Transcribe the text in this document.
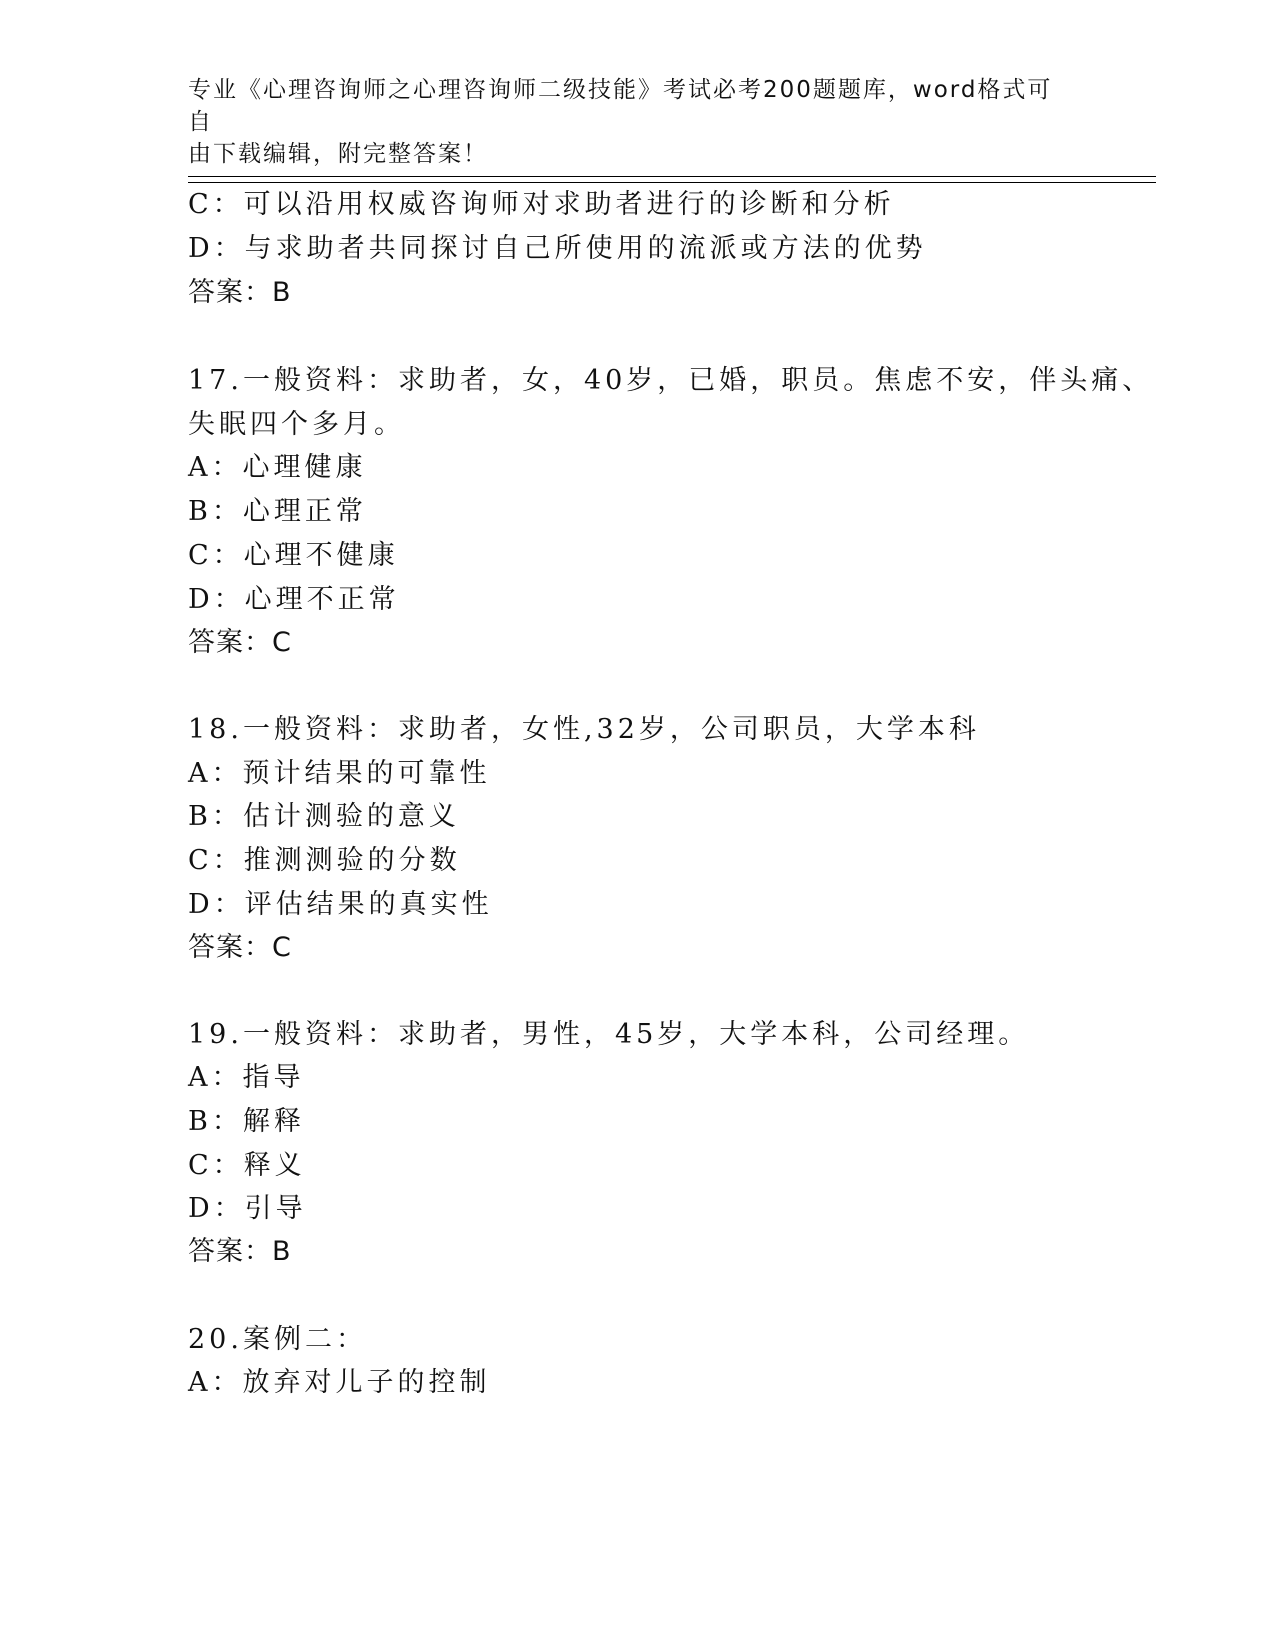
专业《心理咨询师之心理咨询师二级技能》考试必考200题题库，word格式可自
由下载编辑，附完整答案！
C：可以沿用权威咨询师对求助者进行的诊断和分析
D：与求助者共同探讨自己所使用的流派或方法的优势
答案：B
17.一般资料：求助者，女，40岁，已婚，职员。焦虑不安，伴头痛、
失眠四个多月。
A：心理健康
B：心理正常
C：心理不健康
D：心理不正常
答案：C
18.一般资料：求助者，女性,32岁，公司职员，大学本科
A：预计结果的可靠性
B：估计测验的意义
C：推测测验的分数
D：评估结果的真实性
答案：C
19.一般资料：求助者，男性，45岁，大学本科，公司经理。
A：指导
B：解释
C：释义
D：引导
答案：B
20.案例二：
A：放弃对儿子的控制
